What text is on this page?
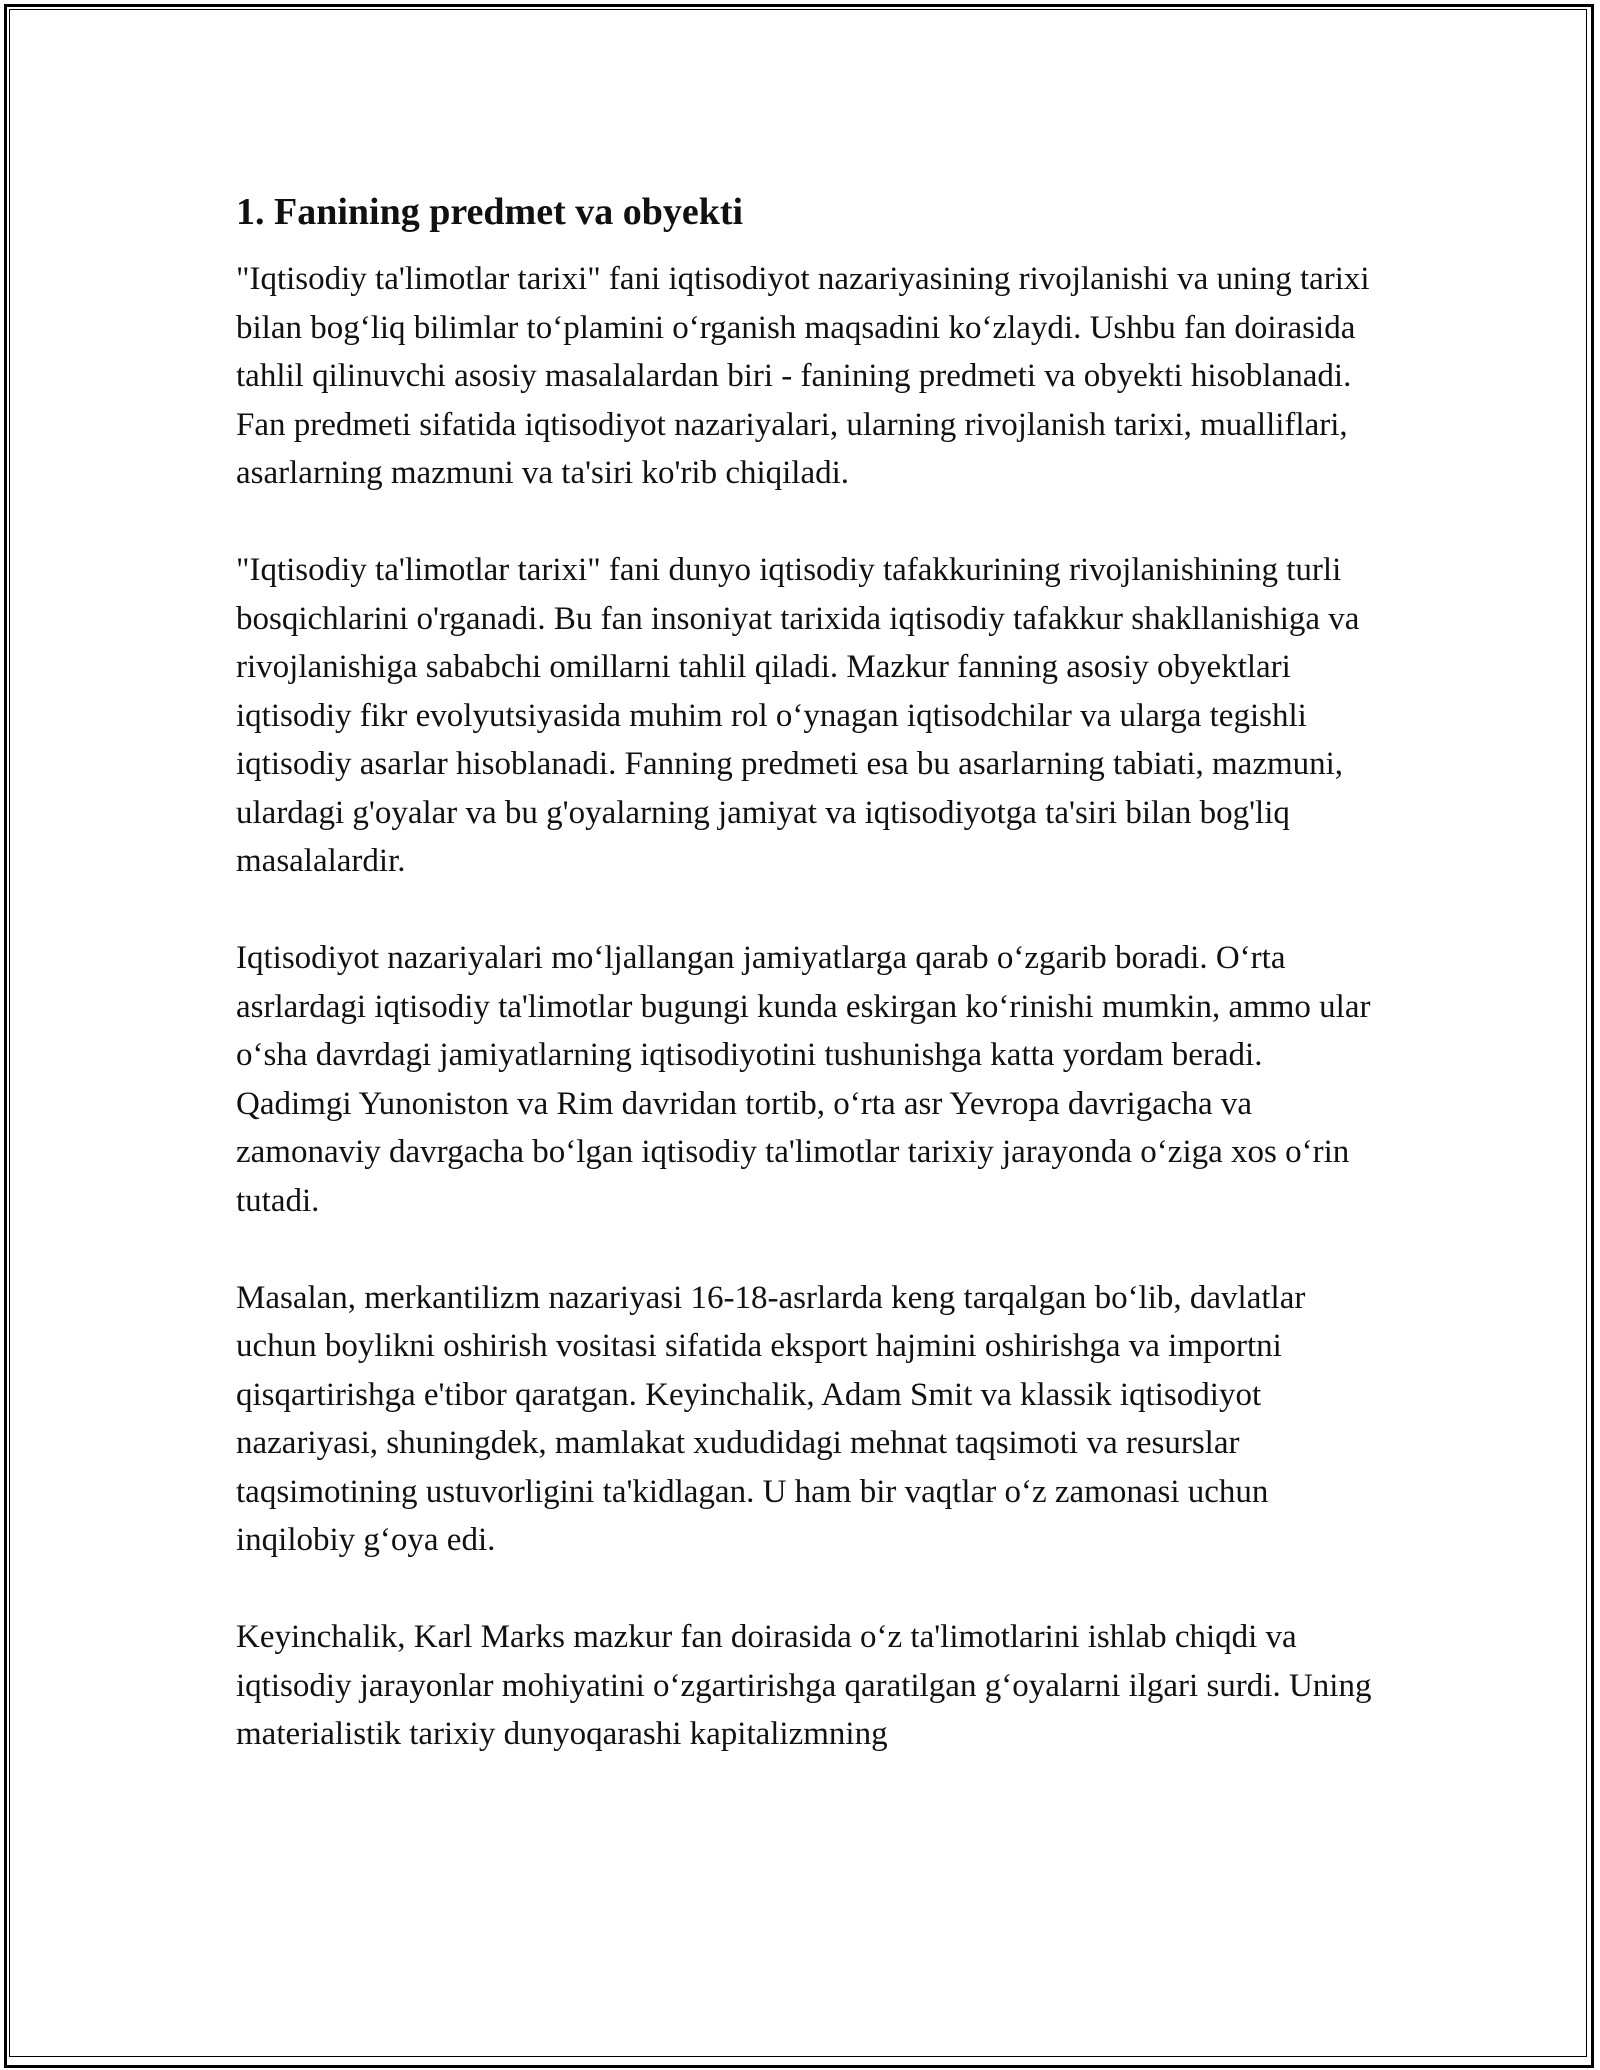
1. Fanining predmet va obyekti

"Iqtisodiy ta'limotlar tarixi" fani iqtisodiyot nazariyasining rivojlanishi va uning tarixi bilan bog‘liq bilimlar to‘plamini o‘rganish maqsadini ko‘zlaydi. Ushbu fan doirasida tahlil qilinuvchi asosiy masalalardan biri - fanining predmeti va obyekti hisoblanadi. Fan predmeti sifatida iqtisodiyot nazariyalari, ularning rivojlanish tarixi, mualliflari, asarlarning mazmuni va ta'siri ko'rib chiqiladi.

"Iqtisodiy ta'limotlar tarixi" fani dunyo iqtisodiy tafakkurining rivojlanishining turli bosqichlarini o'rganadi. Bu fan insoniyat tarixida iqtisodiy tafakkur shakllanishiga va rivojlanishiga sababchi omillarni tahlil qiladi. Mazkur fanning asosiy obyektlari iqtisodiy fikr evolyutsiyasida muhim rol o‘ynagan iqtisodchilar va ularga tegishli iqtisodiy asarlar hisoblanadi. Fanning predmeti esa bu asarlarning tabiati, mazmuni, ulardagi g'oyalar va bu g'oyalarning jamiyat va iqtisodiyotga ta'siri bilan bog'liq masalalardir.

Iqtisodiyot nazariyalari mo‘ljallangan jamiyatlarga qarab o‘zgarib boradi. O‘rta asrlardagi iqtisodiy ta'limotlar bugungi kunda eskirgan ko‘rinishi mumkin, ammo ular o‘sha davrdagi jamiyatlarning iqtisodiyotini tushunishga katta yordam beradi. Qadimgi Yunoniston va Rim davridan tortib, o‘rta asr Yevropa davrigacha va zamonaviy davrgacha bo‘lgan iqtisodiy ta'limotlar tarixiy jarayonda o‘ziga xos o‘rin tutadi.

Masalan, merkantilizm nazariyasi 16-18-asrlarda keng tarqalgan bo‘lib, davlatlar uchun boylikni oshirish vositasi sifatida eksport hajmini oshirishga va importni qisqartirishga e'tibor qaratgan. Keyinchalik, Adam Smit va klassik iqtisodiyot nazariyasi, shuningdek, mamlakat xududidagi mehnat taqsimoti va resurslar taqsimotining ustuvorligini ta'kidlagan. U ham bir vaqtlar o‘z zamonasi uchun inqilobiy g‘oya edi.

Keyinchalik, Karl Marks mazkur fan doirasida o‘z ta'limotlarini ishlab chiqdi va iqtisodiy jarayonlar mohiyatini o‘zgartirishga qaratilgan g‘oyalarni ilgari surdi. Uning materialistik tarixiy dunyoqarashi kapitalizmning
